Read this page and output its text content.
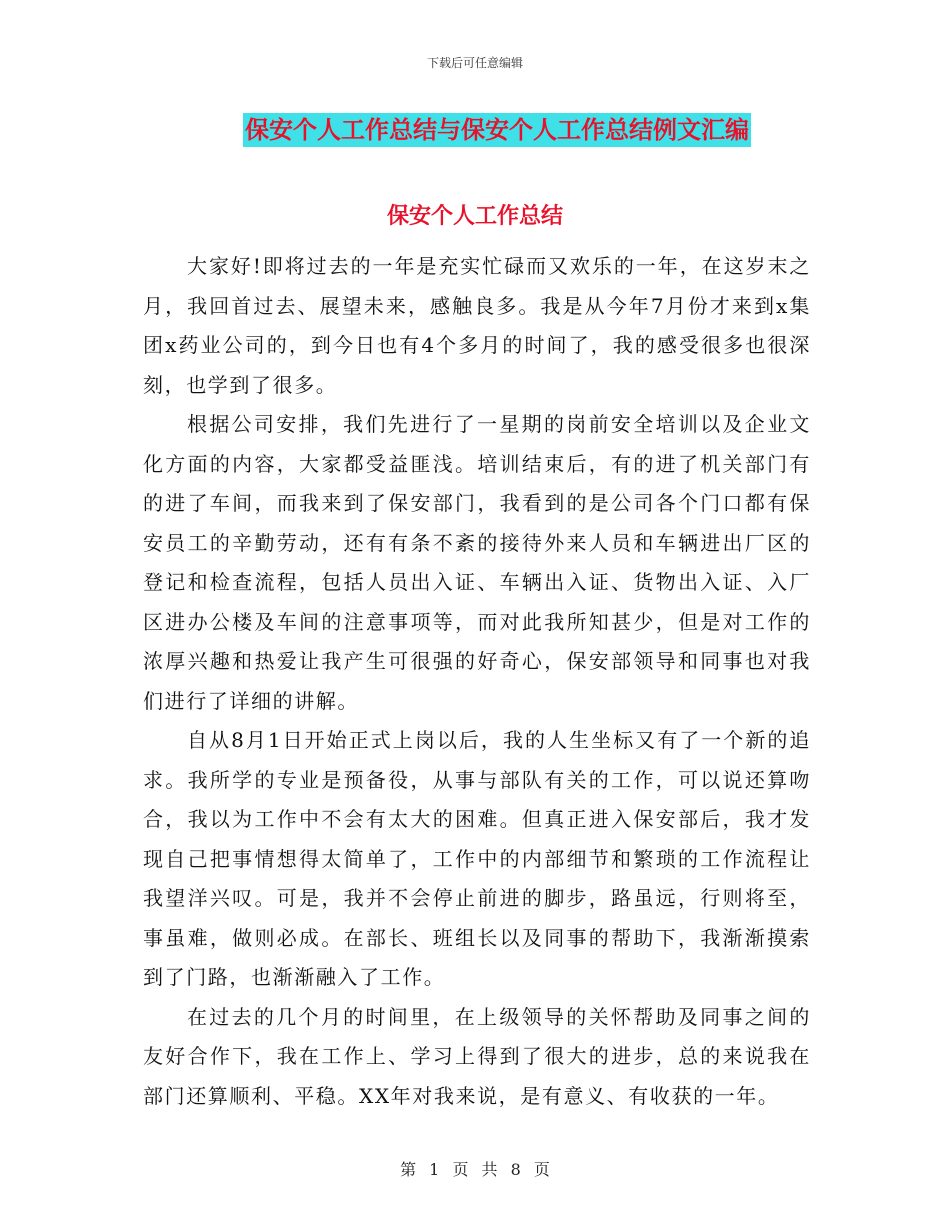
下载后可任意编辑
保安个人工作总结与保安个人工作总结例文汇编
保安个人工作总结

大家好!即将过去的一年是充实忙碌而又欢乐的一年，在这岁末之月，我回首过去、展望未来，感触良多。我是从今年7月份才来到x集团x药业公司的，到今日也有4个多月的时间了，我的感受很多也很深刻，也学到了很多。

根据公司安排，我们先进行了一星期的岗前安全培训以及企业文化方面的内容，大家都受益匪浅。培训结束后，有的进了机关部门有的进了车间，而我来到了保安部门，我看到的是公司各个门口都有保安员工的辛勤劳动，还有有条不紊的接待外来人员和车辆进出厂区的登记和检查流程，包括人员出入证、车辆出入证、货物出入证、入厂区进办公楼及车间的注意事项等，而对此我所知甚少，但是对工作的浓厚兴趣和热爱让我产生可很强的好奇心，保安部领导和同事也对我们进行了详细的讲解。

自从8月1日开始正式上岗以后，我的人生坐标又有了一个新的追求。我所学的专业是预备役，从事与部队有关的工作，可以说还算吻合，我以为工作中不会有太大的困难。但真正进入保安部后，我才发现自己把事情想得太简单了，工作中的内部细节和繁琐的工作流程让我望洋兴叹。可是，我并不会停止前进的脚步，路虽远，行则将至，事虽难，做则必成。在部长、班组长以及同事的帮助下，我渐渐摸索到了门路，也渐渐融入了工作。

在过去的几个月的时间里，在上级领导的关怀帮助及同事之间的友好合作下，我在工作上、学习上得到了很大的进步，总的来说我在部门还算顺利、平稳。XX年对我来说，是有意义、有收获的一年。

第 1 页 共 8 页
